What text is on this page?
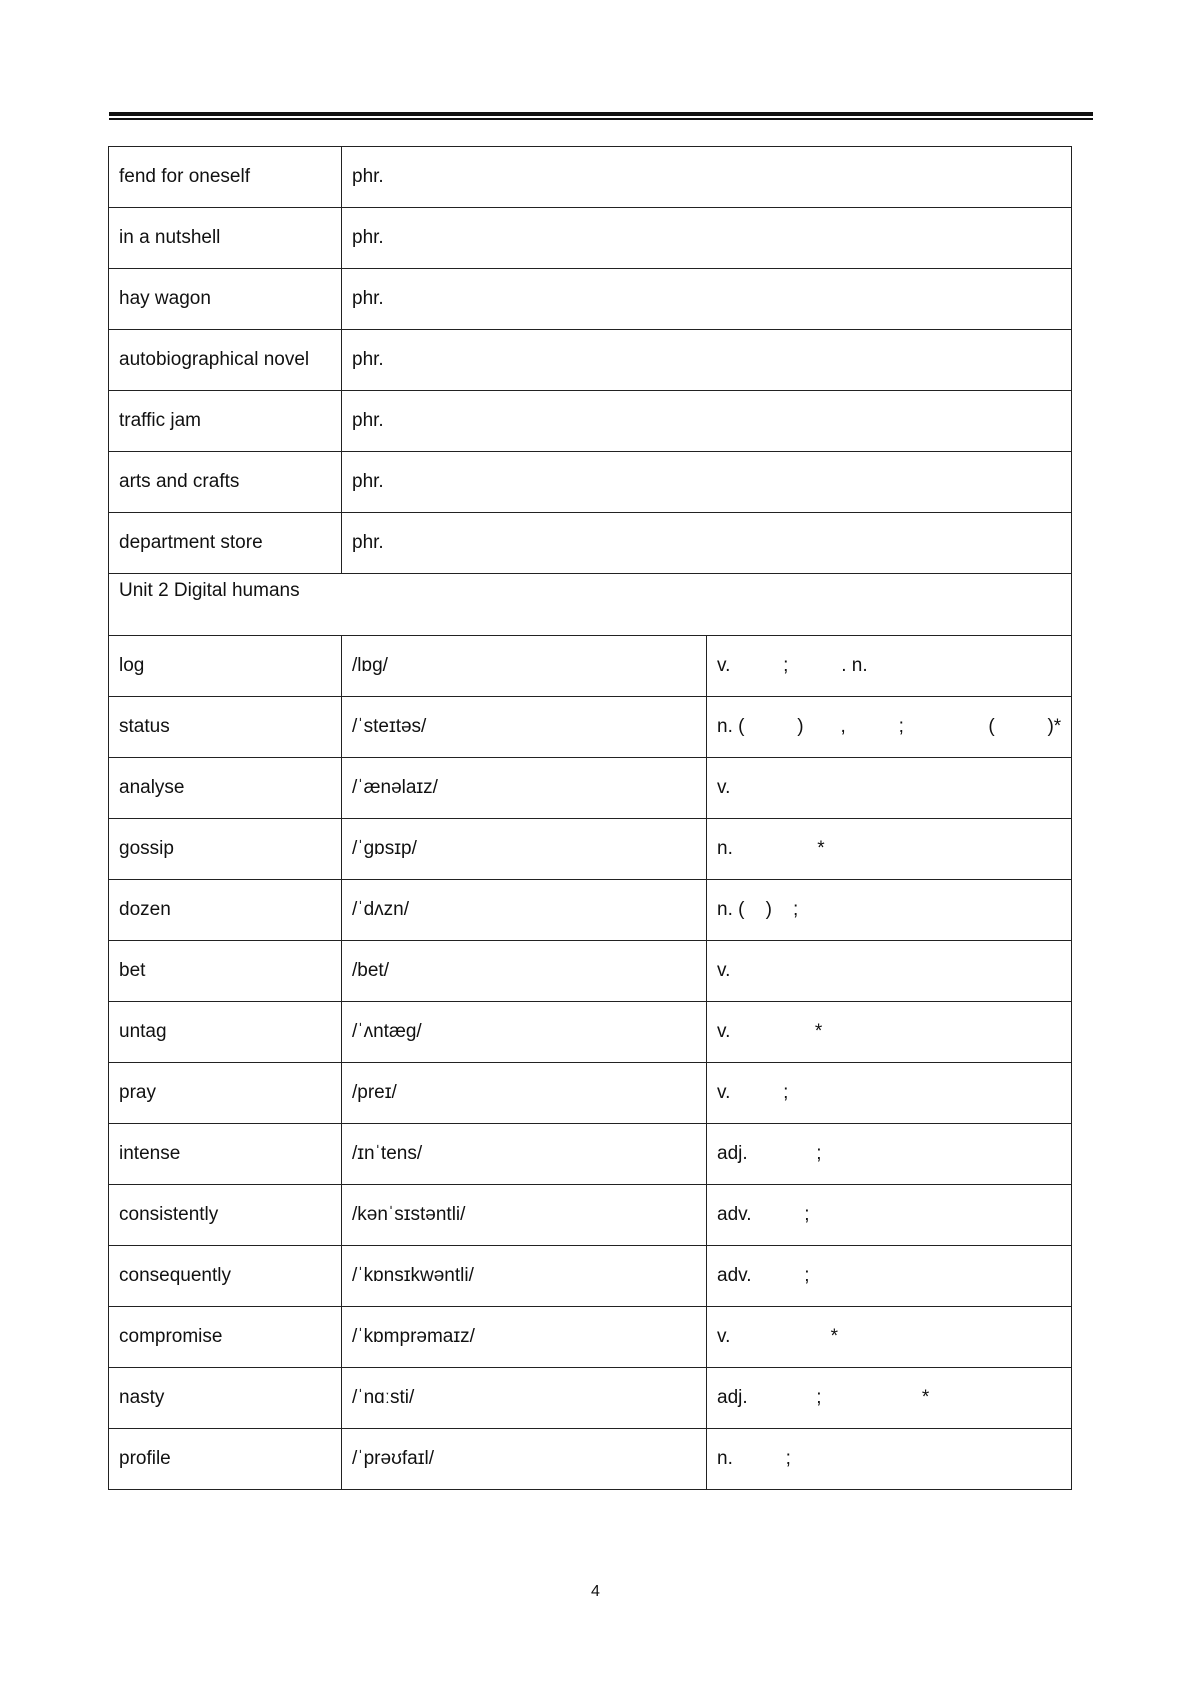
fend for oneself	phr.	
in a nutshell	phr.	
hay wagon	phr.	
autobiographical novel	phr.	
traffic jam	phr.	
arts and crafts	phr.	
department store	phr.	
Unit 2 Digital humans		
log	/lɒɡ/	v.          ;          . n.
status	/ˈsteɪtəs/	n. (          )       ,          ;                (          )*
analyse	/ˈænəlaɪz/	v.
gossip	/ˈɡɒsɪp/	n.                *
dozen	/ˈdʌzn/	n. (    )    ;
bet	/bet/	v.
untag	/ˈʌntæɡ/	v.                *
pray	/preɪ/	v.          ;
intense	/ɪnˈtens/	adj.             ;
consistently	/kənˈsɪstəntli/	adv.          ;
consequently	/ˈkɒnsɪkwəntli/	adv.          ;
compromise	/ˈkɒmprəmaɪz/	v.                   *
nasty	/ˈnɑːsti/	adj.             ;                   *
profile	/ˈprəʊfaɪl/	n.          ;
4
